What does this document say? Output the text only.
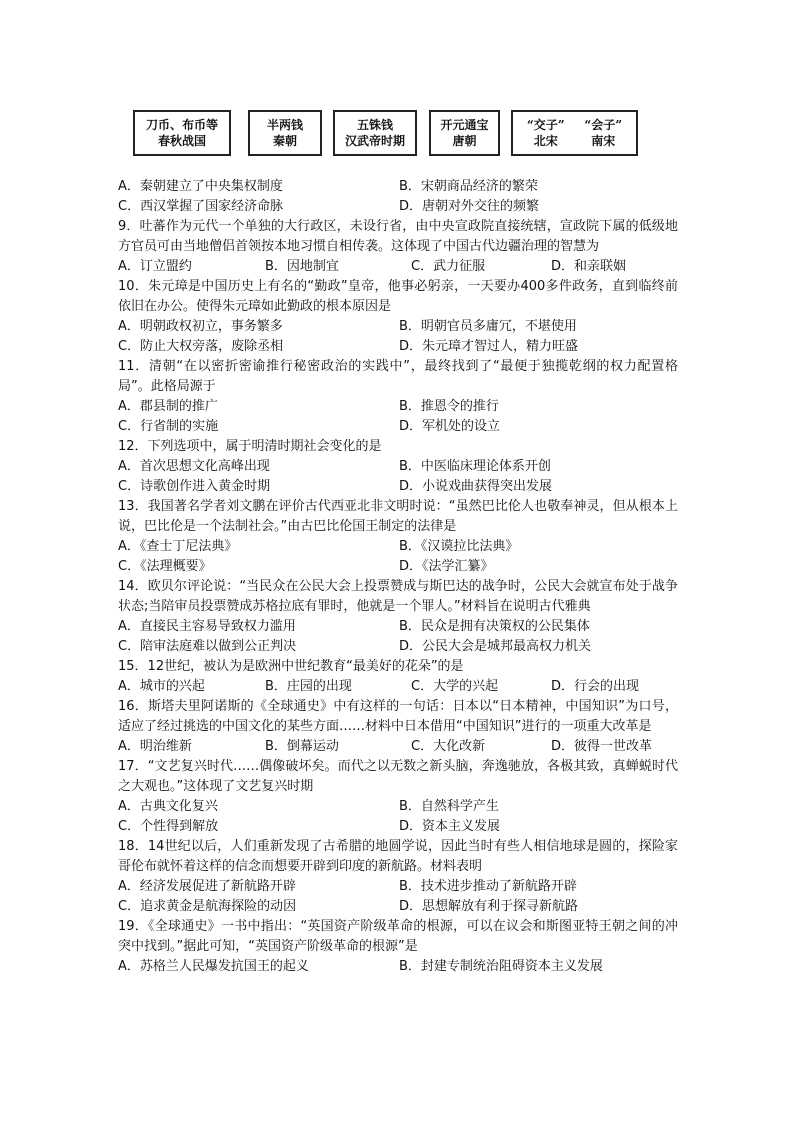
刀币、布币等
春秋战国
半两钱
秦朝
五铢钱
汉武帝时期
开元通宝
唐朝
“交子” “会子”
北宋	南宋
A．秦朝建立了中央集权制度	B．宋朝商品经济的繁荣
C．西汉掌握了国家经济命脉	D．唐朝对外交往的频繁
9．吐蕃作为元代一个单独的大行政区，未设行省，由中央宣政院直接统辖，宣政院下属的低级地方官员可由当地僧侣首领按本地习惯自相传袭。这体现了中国古代边疆治理的智慧为
A．订立盟约	B．因地制宜	C．武力征服	D．和亲联姻
10．朱元璋是中国历史上有名的“勤政”皇帝，他事必躬亲，一天要办400多件政务，直到临终前依旧在办公。使得朱元璋如此勤政的根本原因是
A．明朝政权初立，事务繁多	B．明朝官员多庸冗，不堪使用
C．防止大权旁落，废除丞相	D．朱元璋才智过人，精力旺盛
11．清朝“在以密折密谕推行秘密政治的实践中”，最终找到了“最便于独揽乾纲的权力配置格局”。此格局源于
A．郡县制的推广	B．推恩令的推行
C．行省制的实施	D．军机处的设立
12．下列选项中，属于明清时期社会变化的是
A．首次思想文化高峰出现	B．中医临床理论体系开创
C．诗歌创作进入黄金时期	D．小说戏曲获得突出发展
13．我国著名学者刘文鹏在评价古代西亚北非文明时说：“虽然巴比伦人也敬奉神灵，但从根本上说，巴比伦是一个法制社会。”由古巴比伦国王制定的法律是
A．《查士丁尼法典》	B．《汉谟拉比法典》
C．《法理概要》	D．《法学汇纂》
14．欧贝尔评论说：“当民众在公民大会上投票赞成与斯巴达的战争时，公民大会就宣布处于战争状态;当陪审员投票赞成苏格拉底有罪时，他就是一个罪人。”材料旨在说明古代雅典
A．直接民主容易导致权力滥用	B．民众是拥有决策权的公民集体
C．陪审法庭难以做到公正判决	D．公民大会是城邦最高权力机关
15．12世纪，被认为是欧洲中世纪教育“最美好的花朵”的是
A．城市的兴起	B．庄园的出现	C．大学的兴起	D．行会的出现
16．斯塔夫里阿诺斯的《全球通史》中有这样的一句话：日本以“日本精神，中国知识”为口号，适应了经过挑选的中国文化的某些方面……材料中日本借用“中国知识”进行的一项重大改革是
A．明治维新	B．倒幕运动	C．大化改新	D．彼得一世改革
17．“文艺复兴时代……偶像破坏矣。而代之以无数之新头脑，奔逸驰放，各极其致，真蝉蜕时代之大观也。”这体现了文艺复兴时期
A．古典文化复兴	B．自然科学产生
C．个性得到解放	D．资本主义发展
18．14世纪以后，人们重新发现了古希腊的地圆学说，因此当时有些人相信地球是圆的，探险家哥伦布就怀着这样的信念而想要开辟到印度的新航路。材料表明
A．经济发展促进了新航路开辟	B．技术进步推动了新航路开辟
C．追求黄金是航海探险的动因	D．思想解放有利于探寻新航路
19．《全球通史》一书中指出：“英国资产阶级革命的根源，可以在议会和斯图亚特王朝之间的冲突中找到。”据此可知，“英国资产阶级革命的根源”是
A．苏格兰人民爆发抗国王的起义	B．封建专制统治阻碍资本主义发展
